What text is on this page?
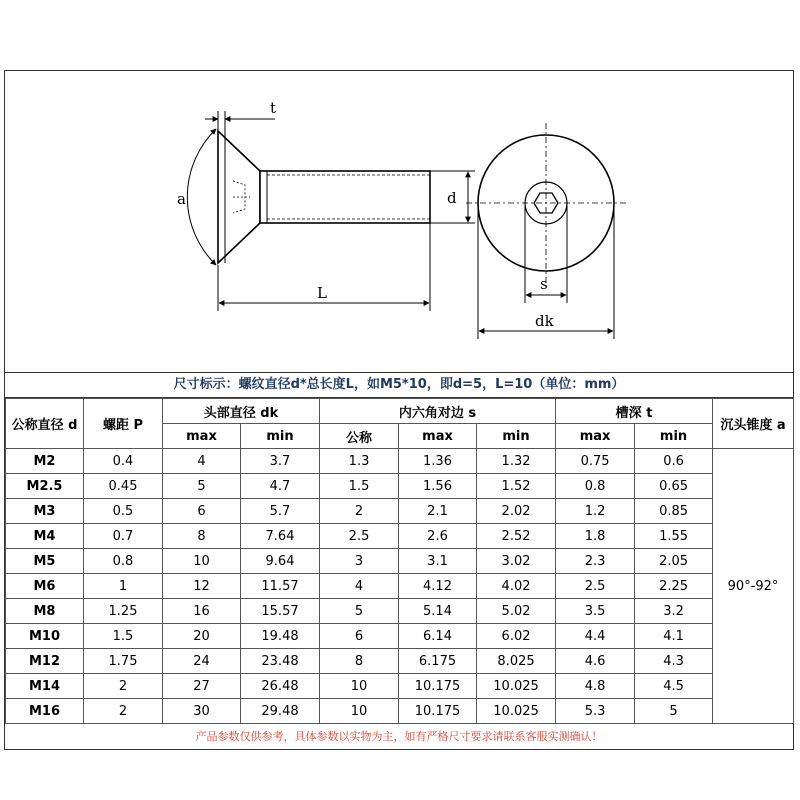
a
t
d
L	s
dk
尺寸标示：螺纹直径d*总长度L，如M5*10，即d=5，L=10（单位：mm）
公称直径 d	螺距 P	头部直径 dk		内六角对边 s			槽深 t		沉头锥度 a
		max	min	公称	max	min	max	min	
M2	0.4	4	3.7	1.3	1.36	1.32	0.75	0.6	90°-92°
M2.5	0.45	5	4.7	1.5	1.56	1.52	0.8	0.65	
M3	0.5	6	5.7	2	2.1	2.02	1.2	0.85	
M4	0.7	8	7.64	2.5	2.6	2.52	1.8	1.55	
M5	0.8	10	9.64	3	3.1	3.02	2.3	2.05	
M6	1	12	11.57	4	4.12	4.02	2.5	2.25	
M8	1.25	16	15.57	5	5.14	5.02	3.5	3.2	
M10	1.5	20	19.48	6	6.14	6.02	4.4	4.1	
M12	1.75	24	23.48	8	6.175	8.025	4.6	4.3	
M14	2	27	26.48	10	10.175	10.025	4.8	4.5	
M16	2	30	29.48	10	10.175	10.025	5.3	5	
产品参数仅供参考，具体参数以实物为主，如有严格尺寸要求请联系客服实测确认！
